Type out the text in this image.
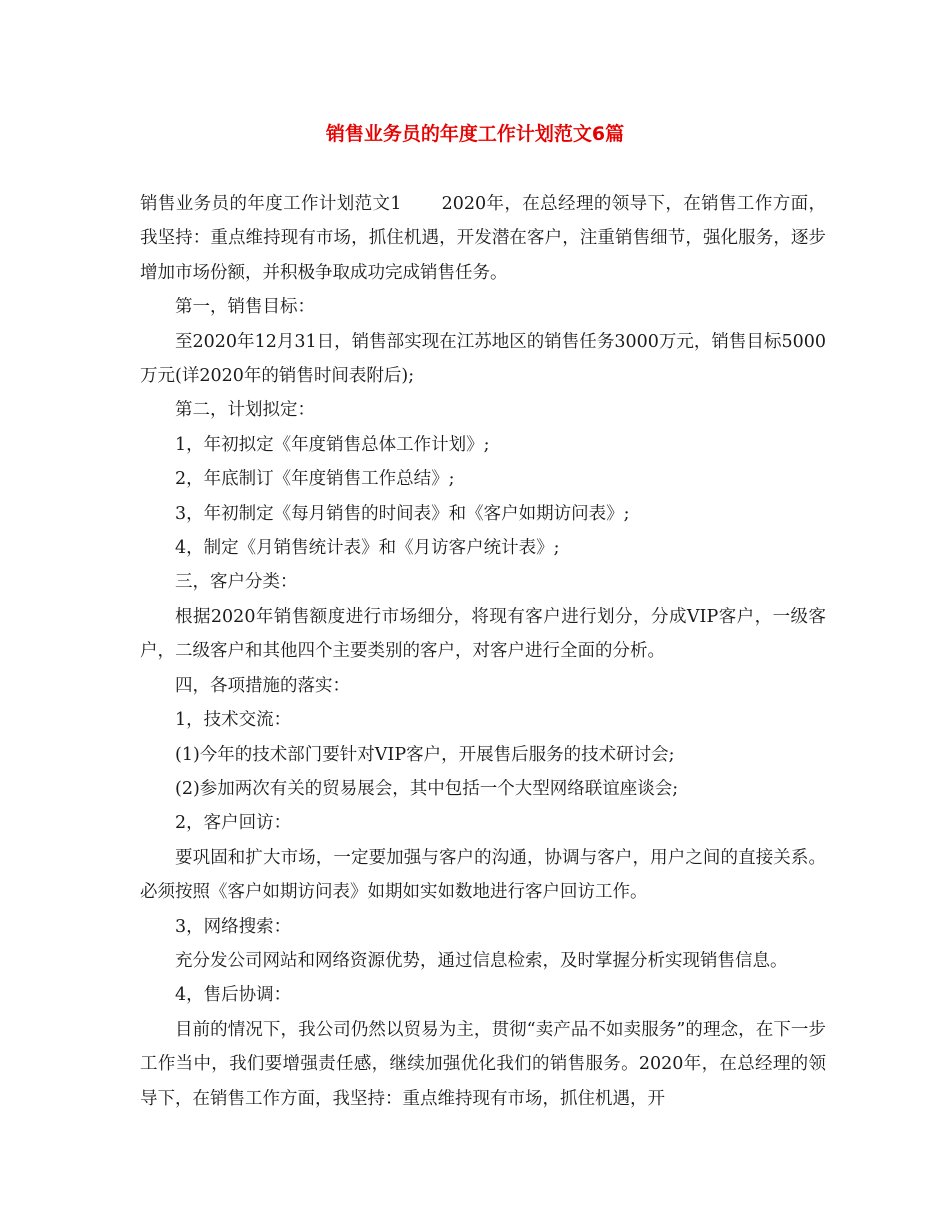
销售业务员的年度工作计划范文6篇

销售业务员的年度工作计划范文1 2020年，在总经理的领导下，在销售工作方面，我坚持：重点维持现有市场，抓住机遇，开发潜在客户，注重销售细节，强化服务，逐步增加市场份额，并积极争取成功完成销售任务。

第一，销售目标：

至2020年12月31日，销售部实现在江苏地区的销售任务3000万元，销售目标5000万元(详2020年的销售时间表附后);

第二，计划拟定：

1，年初拟定《年度销售总体工作计划》;

2，年底制订《年度销售工作总结》;

3，年初制定《每月销售的时间表》和《客户如期访问表》;

4，制定《月销售统计表》和《月访客户统计表》;

三，客户分类：

根据2020年销售额度进行市场细分，将现有客户进行划分，分成VIP客户，一级客户，二级客户和其他四个主要类别的客户，对客户进行全面的分析。

四，各项措施的落实：

1，技术交流：

(1)今年的技术部门要针对VIP客户，开展售后服务的技术研讨会;

(2)参加两次有关的贸易展会，其中包括一个大型网络联谊座谈会;

2，客户回访：

要巩固和扩大市场，一定要加强与客户的沟通，协调与客户，用户之间的直接关系。必须按照《客户如期访问表》如期如实如数地进行客户回访工作。

3，网络搜索：

充分发公司网站和网络资源优势，通过信息检索，及时掌握分析实现销售信息。

4，售后协调：

目前的情况下，我公司仍然以贸易为主，贯彻“卖产品不如卖服务”的理念，在下一步工作当中，我们要增强责任感，继续加强优化我们的销售服务。2020年，在总经理的领导下，在销售工作方面，我坚持：重点维持现有市场，抓住机遇，开
